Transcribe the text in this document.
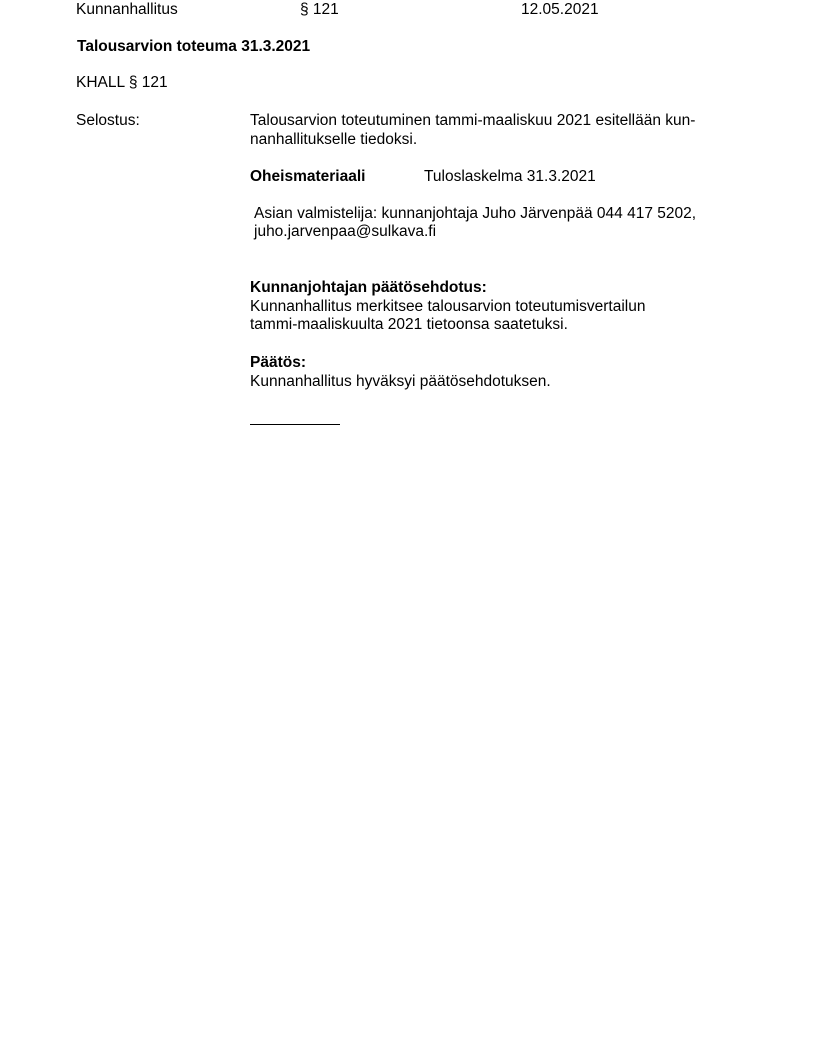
Kunnanhallitus	§ 121	12.05.2021
Talousarvion toteuma 31.3.2021
KHALL § 121
Selostus:	Talousarvion toteutuminen tammi-maaliskuu 2021 esitellään kun-
nanhallitukselle tiedoksi.
Oheismateriaali	Tuloslaskelma 31.3.2021
Asian valmistelija: kunnanjohtaja Juho Järvenpää 044 417 5202,
juho.jarvenpaa@sulkava.fi
Kunnanjohtajan päätösehdotus:
Kunnanhallitus merkitsee talousarvion toteutumisvertailun
tammi-maaliskuulta 2021 tietoonsa saatetuksi.
Päätös:
Kunnanhallitus hyväksyi päätösehdotuksen.
